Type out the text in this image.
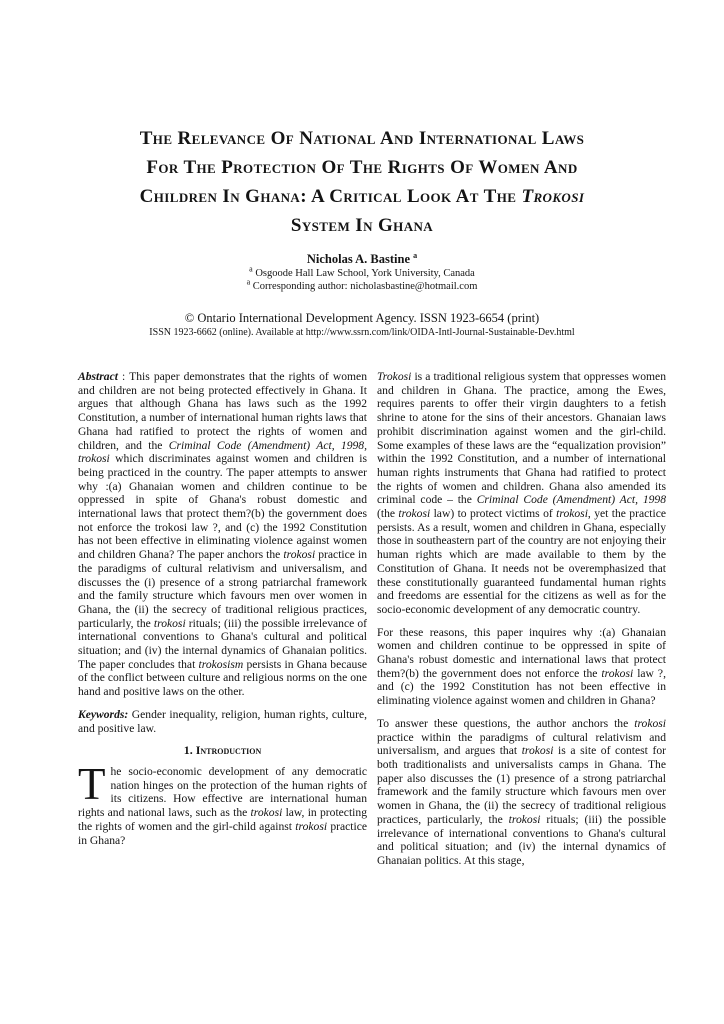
The Relevance Of National And International Laws
For The Protection Of The Rights Of Women And
Children In Ghana: A Critical Look At The Trokosi
System In Ghana
Nicholas A. Bastine $^a$
$^a$ Osgoode Hall Law School, York University, Canada
$^a$ Corresponding author: nicholasbastine@hotmail.com
© Ontario International Development Agency. ISSN 1923-6654 (print)
ISSN 1923-6662 (online). Available at http://www.ssrn.com/link/OIDA-Intl-Journal-Sustainable-Dev.html
Abstract : This paper demonstrates that the rights of women and children are not being protected effectively in Ghana. It argues that although Ghana has laws such as the 1992 Constitution, a number of international human rights laws that Ghana had ratified to protect the rights of women and children, and the Criminal Code (Amendment) Act, 1998, trokosi which discriminates against women and children is being practiced in the country. The paper attempts to answer why :(a) Ghanaian women and children continue to be oppressed in spite of Ghana's robust domestic and international laws that protect them?(b) the government does not enforce the trokosi law ?, and (c) the 1992 Constitution has not been effective in eliminating violence against women and children Ghana? The paper anchors the trokosi practice in the paradigms of cultural relativism and universalism, and discusses the (i) presence of a strong patriarchal framework and the family structure which favours men over women in Ghana, the (ii) the secrecy of traditional religious practices, particularly, the trokosi rituals; (iii) the possible irrelevance of international conventions to Ghana's cultural and political situation; and (iv) the internal dynamics of Ghanaian politics. The paper concludes that trokosism persists in Ghana because of the conflict between culture and religious norms on the one hand and positive laws on the other.
Keywords: Gender inequality, religion, human rights, culture, and positive law.
1. Introduction
The socio-economic development of any democratic nation hinges on the protection of the human rights of its citizens. How effective are international human rights and national laws, such as the trokosi law, in protecting the rights of women and the girl-child against trokosi practice in Ghana?
Trokosi is a traditional religious system that oppresses women and children in Ghana. The practice, among the Ewes, requires parents to offer their virgin daughters to a fetish shrine to atone for the sins of their ancestors. Ghanaian laws prohibit discrimination against women and the girl-child. Some examples of these laws are the “equalization provision” within the 1992 Constitution, and a number of international human rights instruments that Ghana had ratified to protect the rights of women and children. Ghana also amended its criminal code – the Criminal Code (Amendment) Act, 1998 (the trokosi law) to protect victims of trokosi, yet the practice persists. As a result, women and children in Ghana, especially those in southeastern part of the country are not enjoying their human rights which are made available to them by the Constitution of Ghana. It needs not be overemphasized that these constitutionally guaranteed fundamental human rights and freedoms are essential for the citizens as well as for the socio-economic development of any democratic country.
For these reasons, this paper inquires why :(a) Ghanaian women and children continue to be oppressed in spite of Ghana's robust domestic and international laws that protect them?(b) the government does not enforce the trokosi law ?, and (c) the 1992 Constitution has not been effective in eliminating violence against women and children in Ghana?
To answer these questions, the author anchors the trokosi practice within the paradigms of cultural relativism and universalism, and argues that trokosi is a site of contest for both traditionalists and universalists camps in Ghana. The paper also discusses the (1) presence of a strong patriarchal framework and the family structure which favours men over women in Ghana, the (ii) the secrecy of traditional religious practices, particularly, the trokosi rituals; (iii) the possible irrelevance of international conventions to Ghana's cultural and political situation; and (iv) the internal dynamics of Ghanaian politics. At this stage,
